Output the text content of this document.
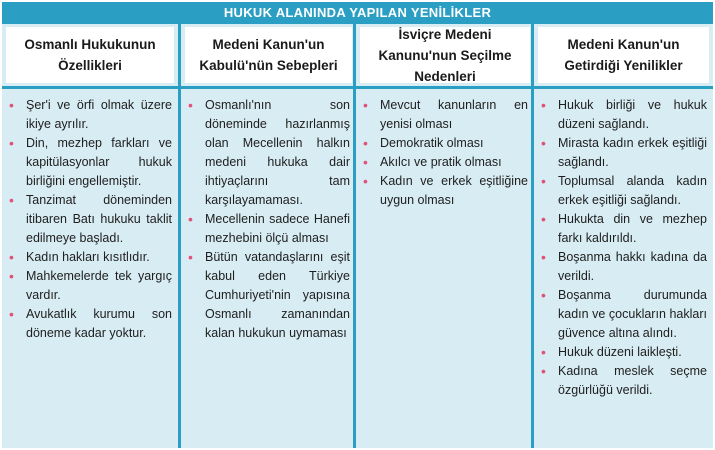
HUKUK ALANINDA YAPILAN YENİLİKLER
Osmanlı Hukukunun
Özellikleri
• Şer'i ve örfi olmak üzere ikiye ayrılır.
• Din, mezhep farkları ve kapitülasyonlar hukuk birliğini engellemiştir.
• Tanzimat döneminden itibaren Batı hukuku taklit edilmeye başladı.
• Kadın hakları kısıtlıdır.
• Mahkemelerde tek yargıç vardır.
• Avukatlık kurumu son döneme kadar yoktur.
Medeni Kanun'un
Kabulü'nün Sebepleri
• Osmanlı'nın son döneminde hazırlanmış olan Mecellenin halkın medeni hukuka dair ihtiyaçlarını tam karşılayamaması.
• Mecellenin sadece Hanefi mezhebini ölçü alması
• Bütün vatandaşlarını eşit kabul eden Türkiye Cumhuriyeti'nin yapısına Osmanlı zamanından kalan hukukun uymaması
İsviçre Medeni
Kanunu'nun Seçilme
Nedenleri
• Mevcut kanunların en yenisi olması
• Demokratik olması
• Akılcı ve pratik olması
• Kadın ve erkek eşitliğine uygun olması
Medeni Kanun'un
Getirdiği Yenilikler
• Hukuk birliği ve hukuk düzeni sağlandı.
• Mirasta kadın erkek eşitliği sağlandı.
• Toplumsal alanda kadın erkek eşitliği sağlandı.
• Hukukta din ve mezhep farkı kaldırıldı.
• Boşanma hakkı kadına da verildi.
• Boşanma durumunda kadın ve çocukların hakları güvence altına alındı.
• Hukuk düzeni laikleşti.
• Kadına meslek seçme özgürlüğü verildi.
